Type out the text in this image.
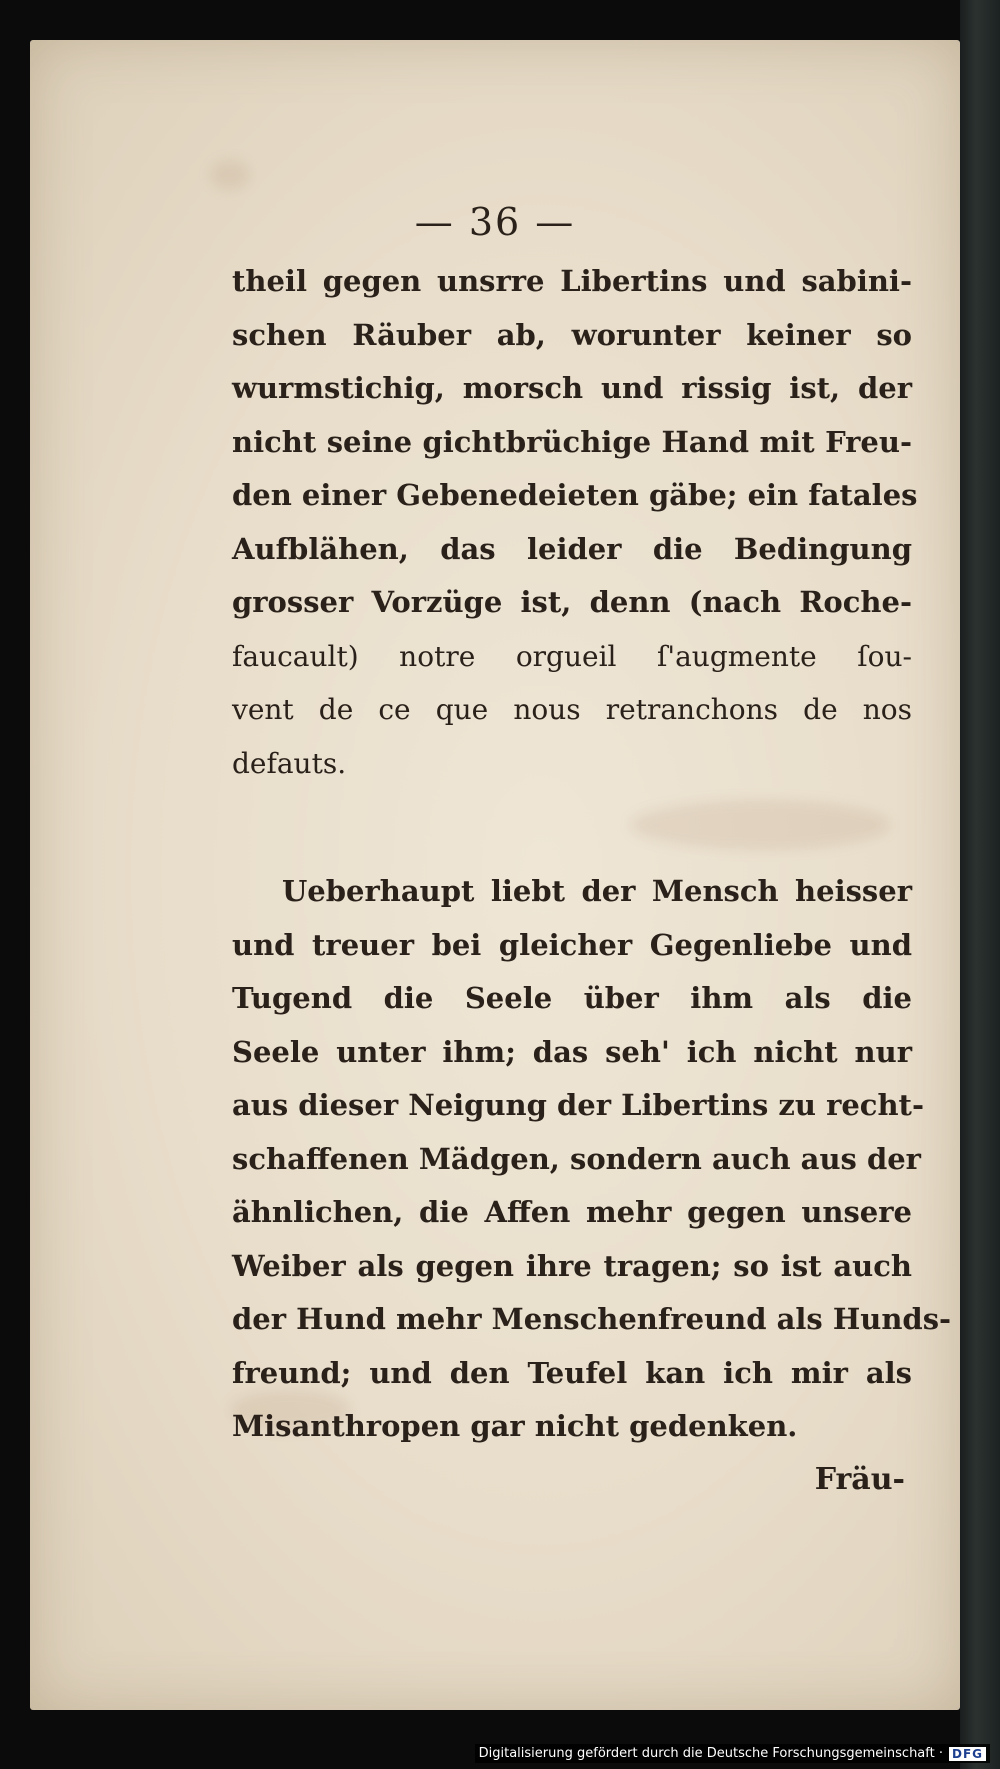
— 36 —
theil gegen unsrre Libertins und sabini-
schen Räuber ab, worunter keiner so
wurmstichig, morsch und rissig ist, der
nicht seine gichtbrüchige Hand mit Freu-
den einer Gebenedeieten gäbe; ein fatales
Aufblähen, das leider die Bedingung
grosser Vorzüge ist, denn (nach Roche-
faucault) notre orgueil ſ'augmente ſou-
vent de ce que nous retranchons de nos
defauts.
Ueberhaupt liebt der Mensch heisser
und treuer bei gleicher Gegenliebe und
Tugend die Seele über ihm als die
Seele unter ihm; das seh' ich nicht nur
aus dieser Neigung der Libertins zu recht-
schaffenen Mädgen, sondern auch aus der
ähnlichen, die Affen mehr gegen unsere
Weiber als gegen ihre tragen; so ist auch
der Hund mehr Menschenfreund als Hunds-
freund; und den Teufel kan ich mir als
Misanthropen gar nicht gedenken.
Fräu-
Digitalisierung gefördert durch die Deutsche Forschungsgemeinschaft · DFG
